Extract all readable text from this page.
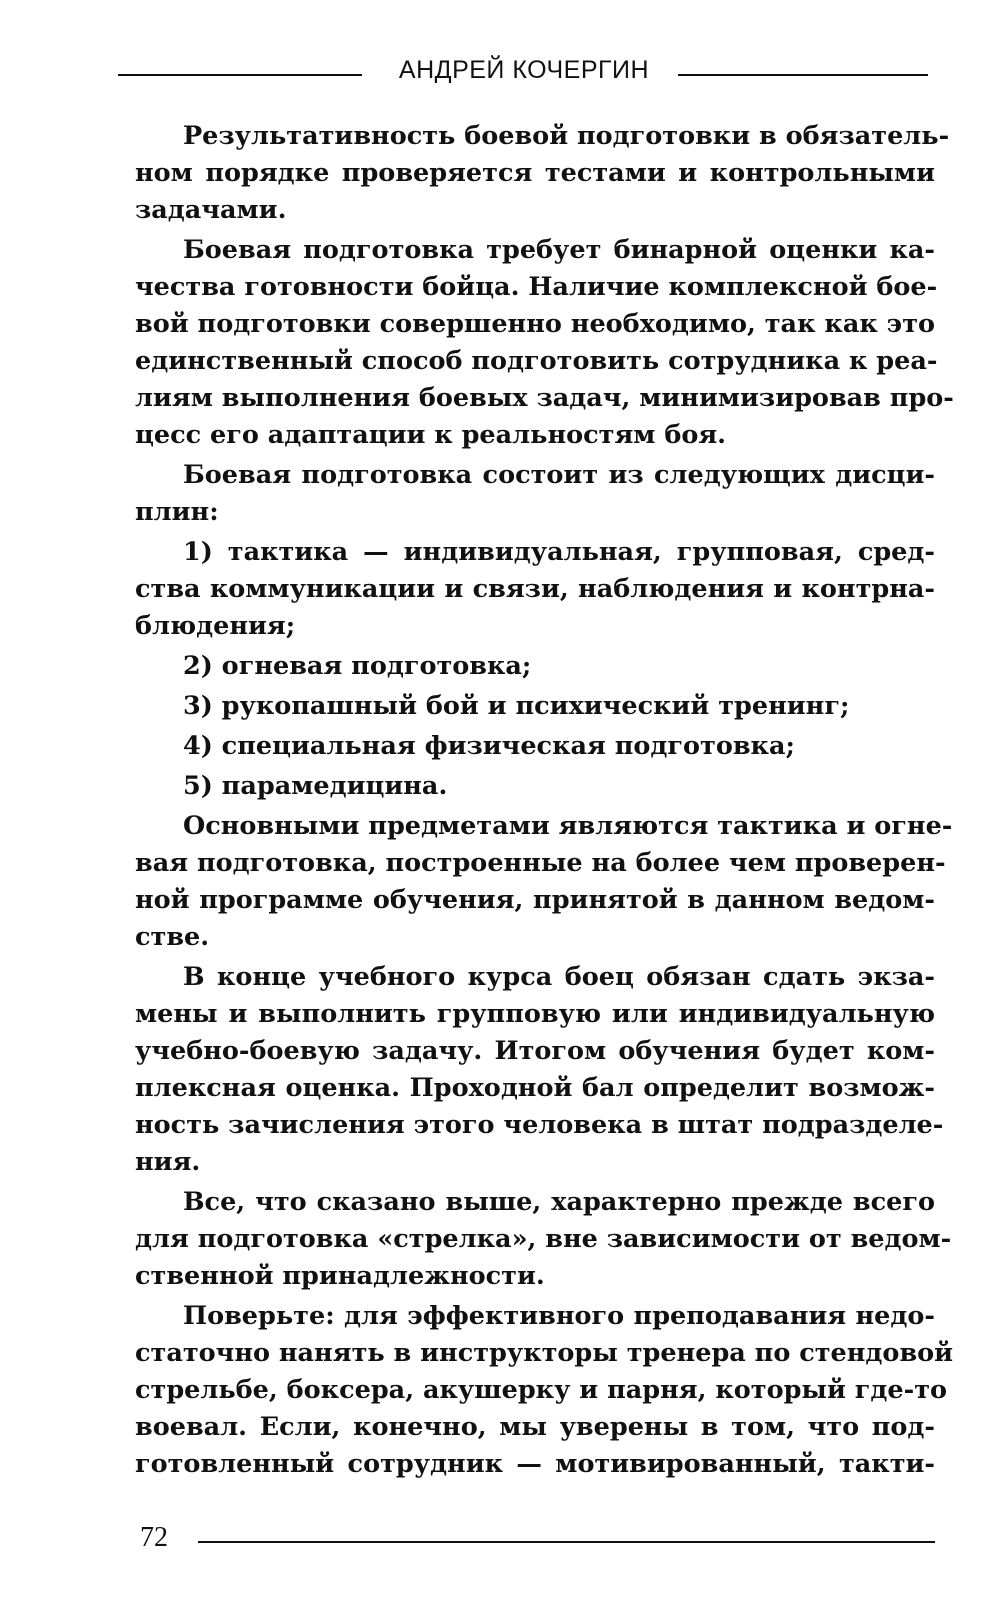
АНДРЕЙ КОЧЕРГИН
Результативность боевой подготовки в обязатель-
ном порядке проверяется тестами и контрольными
задачами.
Боевая подготовка требует бинарной оценки ка-
чества готовности бойца. Наличие комплексной бое-
вой подготовки совершенно необходимо, так как это
единственный способ подготовить сотрудника к реа-
лиям выполнения боевых задач, минимизировав про-
цесс его адаптации к реальностям боя.
Боевая подготовка состоит из следующих дисци-
плин:
1) тактика — индивидуальная, групповая, сред-
ства коммуникации и связи, наблюдения и контрна-
блюдения;
2) огневая подготовка;
3) рукопашный бой и психический тренинг;
4) специальная физическая подготовка;
5) парамедицина.
Основными предметами являются тактика и огне-
вая подготовка, построенные на более чем проверен-
ной программе обучения, принятой в данном ведом-
стве.
В конце учебного курса боец обязан сдать экза-
мены и выполнить групповую или индивидуальную
учебно-боевую задачу. Итогом обучения будет ком-
плексная оценка. Проходной бал определит возмож-
ность зачисления этого человека в штат подразделе-
ния.
Все, что сказано выше, характерно прежде всего
для подготовка «стрелка», вне зависимости от ведом-
ственной принадлежности.
Поверьте: для эффективного преподавания недо-
статочно нанять в инструкторы тренера по стендовой
стрельбе, боксера, акушерку и парня, который где-то
воевал. Если, конечно, мы уверены в том, что под-
готовленный сотрудник — мотивированный, такти-
72
